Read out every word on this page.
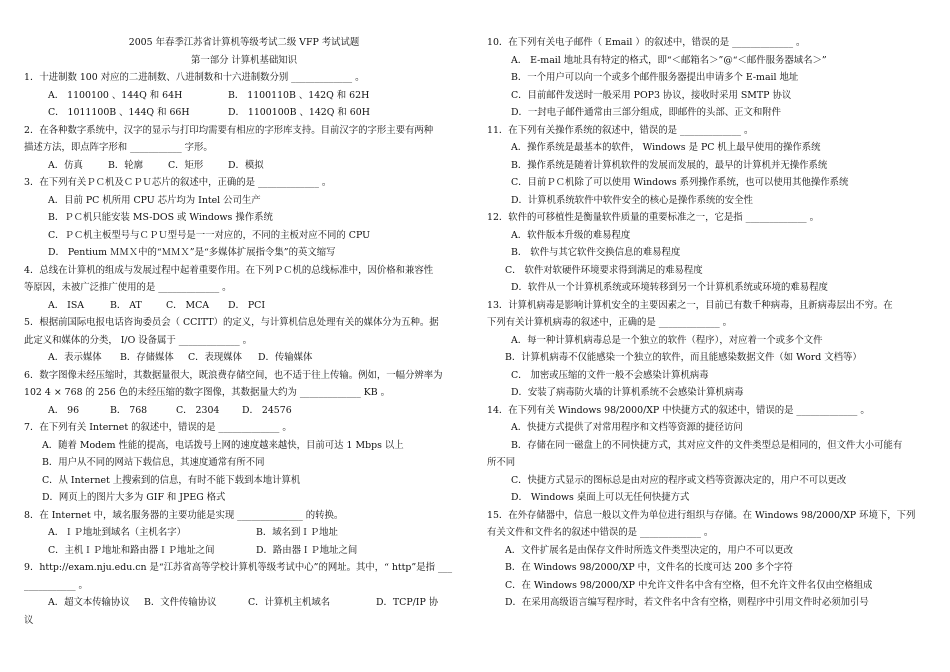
2005 年春季江苏省计算机等级考试二级 VFP 考试试题
第一部分 计算机基础知识
1．十进制数 100 对应的二进制数、八进制数和十六进制数分别 _____________ 。
A． 1100100 、144Q 和 64H	B． 1100110B 、142Q 和 62H
C． 1011100B 、144Q 和 66H	D． 1100100B 、142Q 和 60H
2．在各种数字系统中，汉字的显示与打印均需要有相应的字形库支持。目前汉字的字形主要有两种
描述方法，即点阵字形和 ___________ 字形。
A．仿真	B．轮廓	C．矩形	D．模拟
3．在下列有关ＰＣ机及ＣＰＵ芯片的叙述中，正确的是 _____________ 。
A．目前 PC 机所用 CPU 芯片均为 Intel 公司生产
B．ＰＣ机只能安装 MS-DOS 或 Windows 操作系统
C．ＰＣ机主板型号与ＣＰＵ型号是一一对应的，不同的主板对应不同的 CPU
D． Pentium ＭＭＸ中的“ＭＭＸ”是“多媒体扩展指令集”的英文缩写
4．总线在计算机的组成与发展过程中起着重要作用。在下列ＰＣ机的总线标准中，因价格和兼容性
等原因，未被广泛推广使用的是 _____________ 。
A． ISA	B． AT	C． MCA	D． PCI
5．根据前国际电报电话咨询委员会（ CCITT）的定义，与计算机信息处理有关的媒体分为五种。据
此定义和媒体的分类， I/O 设备属于 _____________ 。
A．表示媒体	B．存储媒体	C．表现媒体	D．传输媒体
6．数字图像未经压缩时，其数据量很大，既浪费存储空间，也不适于往上传输。例如，一幅分辨率为
102 4 × 768 的 256 色的未经压缩的数字图像，其数据量大约为 _____________ KB 。
A． 96	B． 768	C． 2304	D． 24576
7．在下列有关 Internet 的叙述中，错误的是 _____________ 。
A．随着 Modem 性能的提高，电话拨号上网的速度越来越快，目前可达 1 Mbps 以上
B．用户从不同的网站下载信息，其速度通常有所不同
C．从 Internet 上搜索到的信息，有时不能下载到本地计算机
D．网页上的图片大多为 GIF 和 JPEG 格式
8．在 Internet 中，域名服务器的主要功能是实现 ______________ 的转换。
A．ＩＰ地址到域名（主机名字）	B．域名到ＩＰ地址
C．主机ＩＰ地址和路由器ＩＰ地址之间	D．路由器ＩＰ地址之间
9．http://exam.nju.edu.cn 是“江苏省高等学校计算机等级考试中心”的网址。其中，“ http”是指 ___
___________ 。
A．超文本传输协议	B．文件传输协议	C．计算机主机域名	D．TCP/IP 协
议
10．在下列有关电子邮件（ Email ）的叙述中，错误的是 _____________ 。
A． E-mail 地址具有特定的格式，即“＜邮箱名＞”@“＜邮件服务器域名＞”
B．一个用户可以向一个或多个邮件服务器提出申请多个 E-mail 地址
C．目前邮件发送时一般采用 POP3 协议，接收时采用 SMTP 协议
D．一封电子邮件通常由三部分组成，即邮件的头部、正文和附件
11．在下列有关操作系统的叙述中，错误的是 _____________ 。
A．操作系统是最基本的软件， Windows 是 PC 机上最早使用的操作系统
B．操作系统是随着计算机软件的发展而发展的，最早的计算机并无操作系统
C．目前ＰＣ机除了可以使用 Windows 系列操作系统，也可以使用其他操作系统
D．计算机系统软件中软件安全的核心是操作系统的安全性
12．软件的可移植性是衡量软件质量的重要标准之一，它是指 _____________ 。
A．软件版本升级的难易程度
B． 软件与其它软件交换信息的难易程度
C． 软件对软硬件环境要求得到满足的难易程度
D．软件从一个计算机系统或环境转移到另一个计算机系统或环境的难易程度
13．计算机病毒是影响计算机安全的主要因素之一，目前已有数千种病毒，且新病毒层出不穷。在
下列有关计算机病毒的叙述中，正确的是 _____________ 。
A．每一种计算机病毒总是一个独立的软件（程序），对应着一个或多个文件
B．计算机病毒不仅能感染一个独立的软件，而且能感染数据文件（如 Word 文档等）
C． 加密或压缩的文件一般不会感染计算机病毒
D．安装了病毒防火墙的计算机系统不会感染计算机病毒
14．在下列有关 Windows 98/2000/XP 中快捷方式的叙述中，错误的是 _____________ 。
A．快捷方式提供了对常用程序和文档等资源的捷径访问
B．存储在同一磁盘上的不同快捷方式，其对应文件的文件类型总是相同的，但文件大小可能有
所不同
C．快捷方式显示的图标总是由对应的程序或文档等资源决定的，用户不可以更改
D． Windows 桌面上可以无任何快捷方式
15．在外存储器中，信息一般以文件为单位进行组织与存储。在 Windows 98/2000/XP 环境下，下列
有关文件和文件名的叙述中错误的是 _____________ 。
A．文件扩展名是由保存文件时所选文件类型决定的，用户不可以更改
B．在 Windows 98/2000/XP 中，文件名的长度可达 200 多个字符
C．在 Windows 98/2000/XP 中允许文件名中含有空格，但不允许文件名仅由空格组成
D．在采用高级语言编写程序时，若文件名中含有空格，则程序中引用文件时必须加引号
